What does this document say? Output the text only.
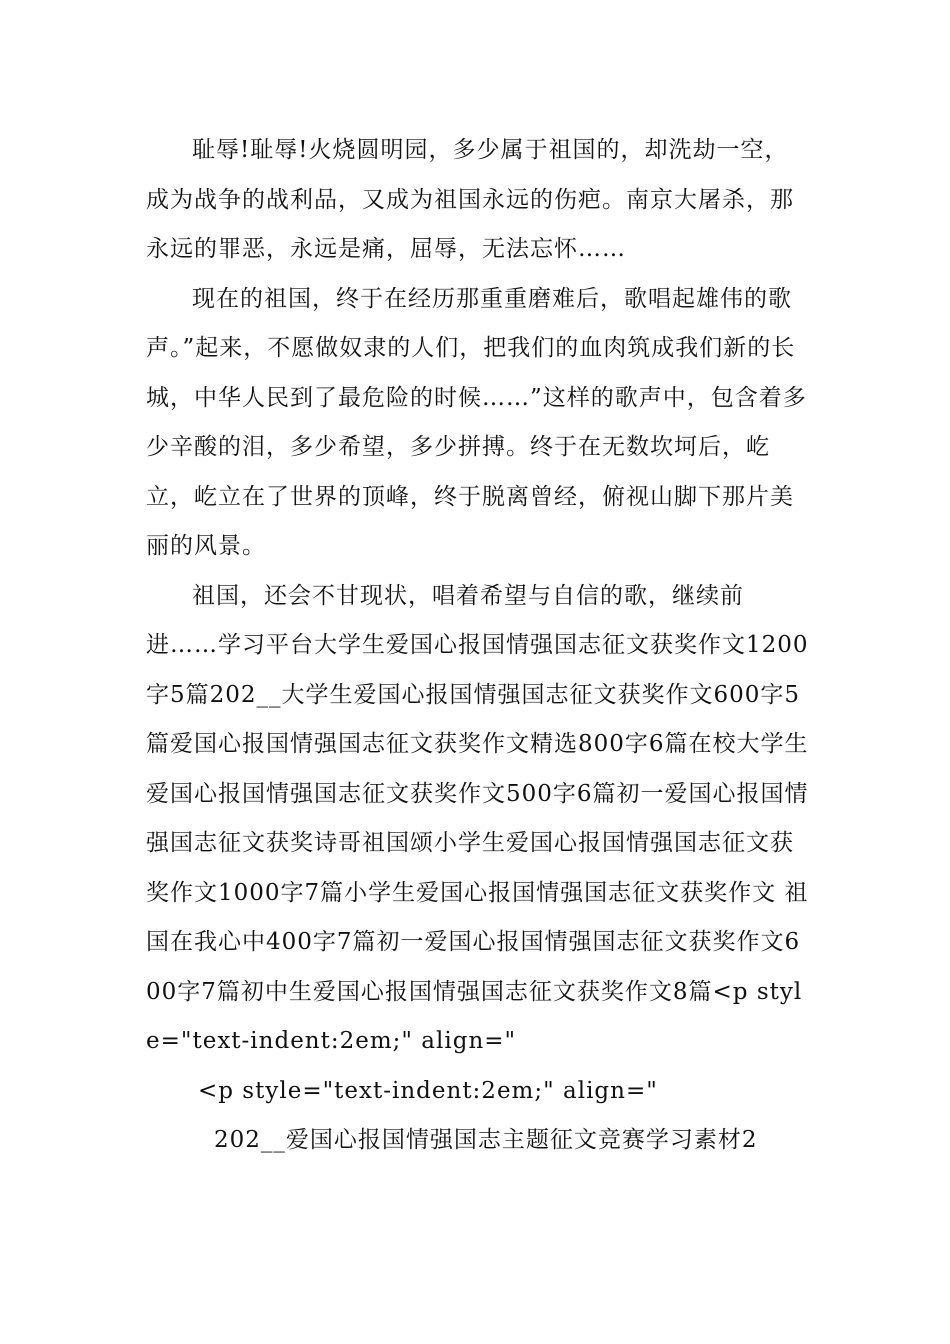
耻辱!耻辱!火烧圆明园，多少属于祖国的，却洗劫一空，成为战争的战利品，又成为祖国永远的伤疤。南京大屠杀，那永远的罪恶，永远是痛，屈辱，无法忘怀……

现在的祖国，终于在经历那重重磨难后，歌唱起雄伟的歌声。”起来，不愿做奴隶的人们，把我们的血肉筑成我们新的长城，中华人民到了最危险的时候……”这样的歌声中，包含着多少辛酸的泪，多少希望，多少拼搏。终于在无数坎坷后，屹立，屹立在了世界的顶峰，终于脱离曾经，俯视山脚下那片美丽的风景。

祖国，还会不甘现状，唱着希望与自信的歌，继续前进……学习平台大学生爱国心报国情强国志征文获奖作文1200字5篇202__大学生爱国心报国情强国志征文获奖作文600字5篇爱国心报国情强国志征文获奖作文精选800字6篇在校大学生爱国心报国情强国志征文获奖作文500字6篇初一爱国心报国情强国志征文获奖诗哥祖国颂小学生爱国心报国情强国志征文获奖作文1000字7篇小学生爱国心报国情强国志征文获奖作文 祖国在我心中400字7篇初一爱国心报国情强国志征文获奖作文600字7篇初中生爱国心报国情强国志征文获奖作文8篇<p style="text-indent:2em;" align="

<p style="text-indent:2em;" align="

202__爱国心报国情强国志主题征文竞赛学习素材2
